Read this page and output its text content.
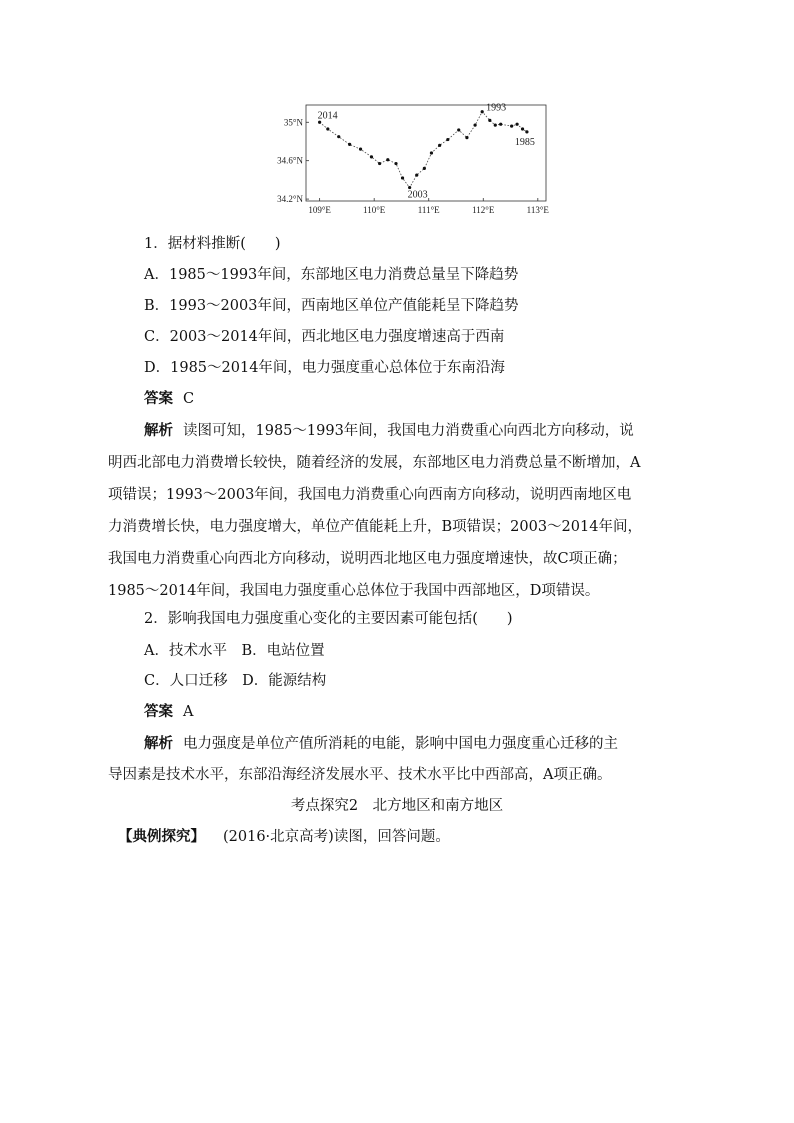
109°E	110°E	111°E	112°E	113°E
35°N
34.6°N
34.2°N
2014
2003
1993
1985
1．据材料推断(　　)
A．1985～1993年间，东部地区电力消费总量呈下降趋势
B．1993～2003年间，西南地区单位产值能耗呈下降趋势
C．2003～2014年间，西北地区电力强度增速高于西南
D．1985～2014年间，电力强度重心总体位于东南沿海
答案 C
解析 读图可知，1985～1993年间，我国电力消费重心向西北方向移动，说
明西北部电力消费增长较快，随着经济的发展，东部地区电力消费总量不断增加，A
项错误；1993～2003年间，我国电力消费重心向西南方向移动，说明西南地区电
力消费增长快，电力强度增大，单位产值能耗上升，B项错误；2003～2014年间，
我国电力消费重心向西北方向移动，说明西北地区电力强度增速快，故C项正确；
1985～2014年间，我国电力强度重心总体位于我国中西部地区，D项错误。
2．影响我国电力强度重心变化的主要因素可能包括(　　)
A．技术水平　B．电站位置
C．人口迁移　D．能源结构
答案 A
解析 电力强度是单位产值所消耗的电能，影响中国电力强度重心迁移的主
导因素是技术水平，东部沿海经济发展水平、技术水平比中西部高，A项正确。
考点探究2　北方地区和南方地区
【典例探究】 (2016·北京高考)读图，回答问题。
